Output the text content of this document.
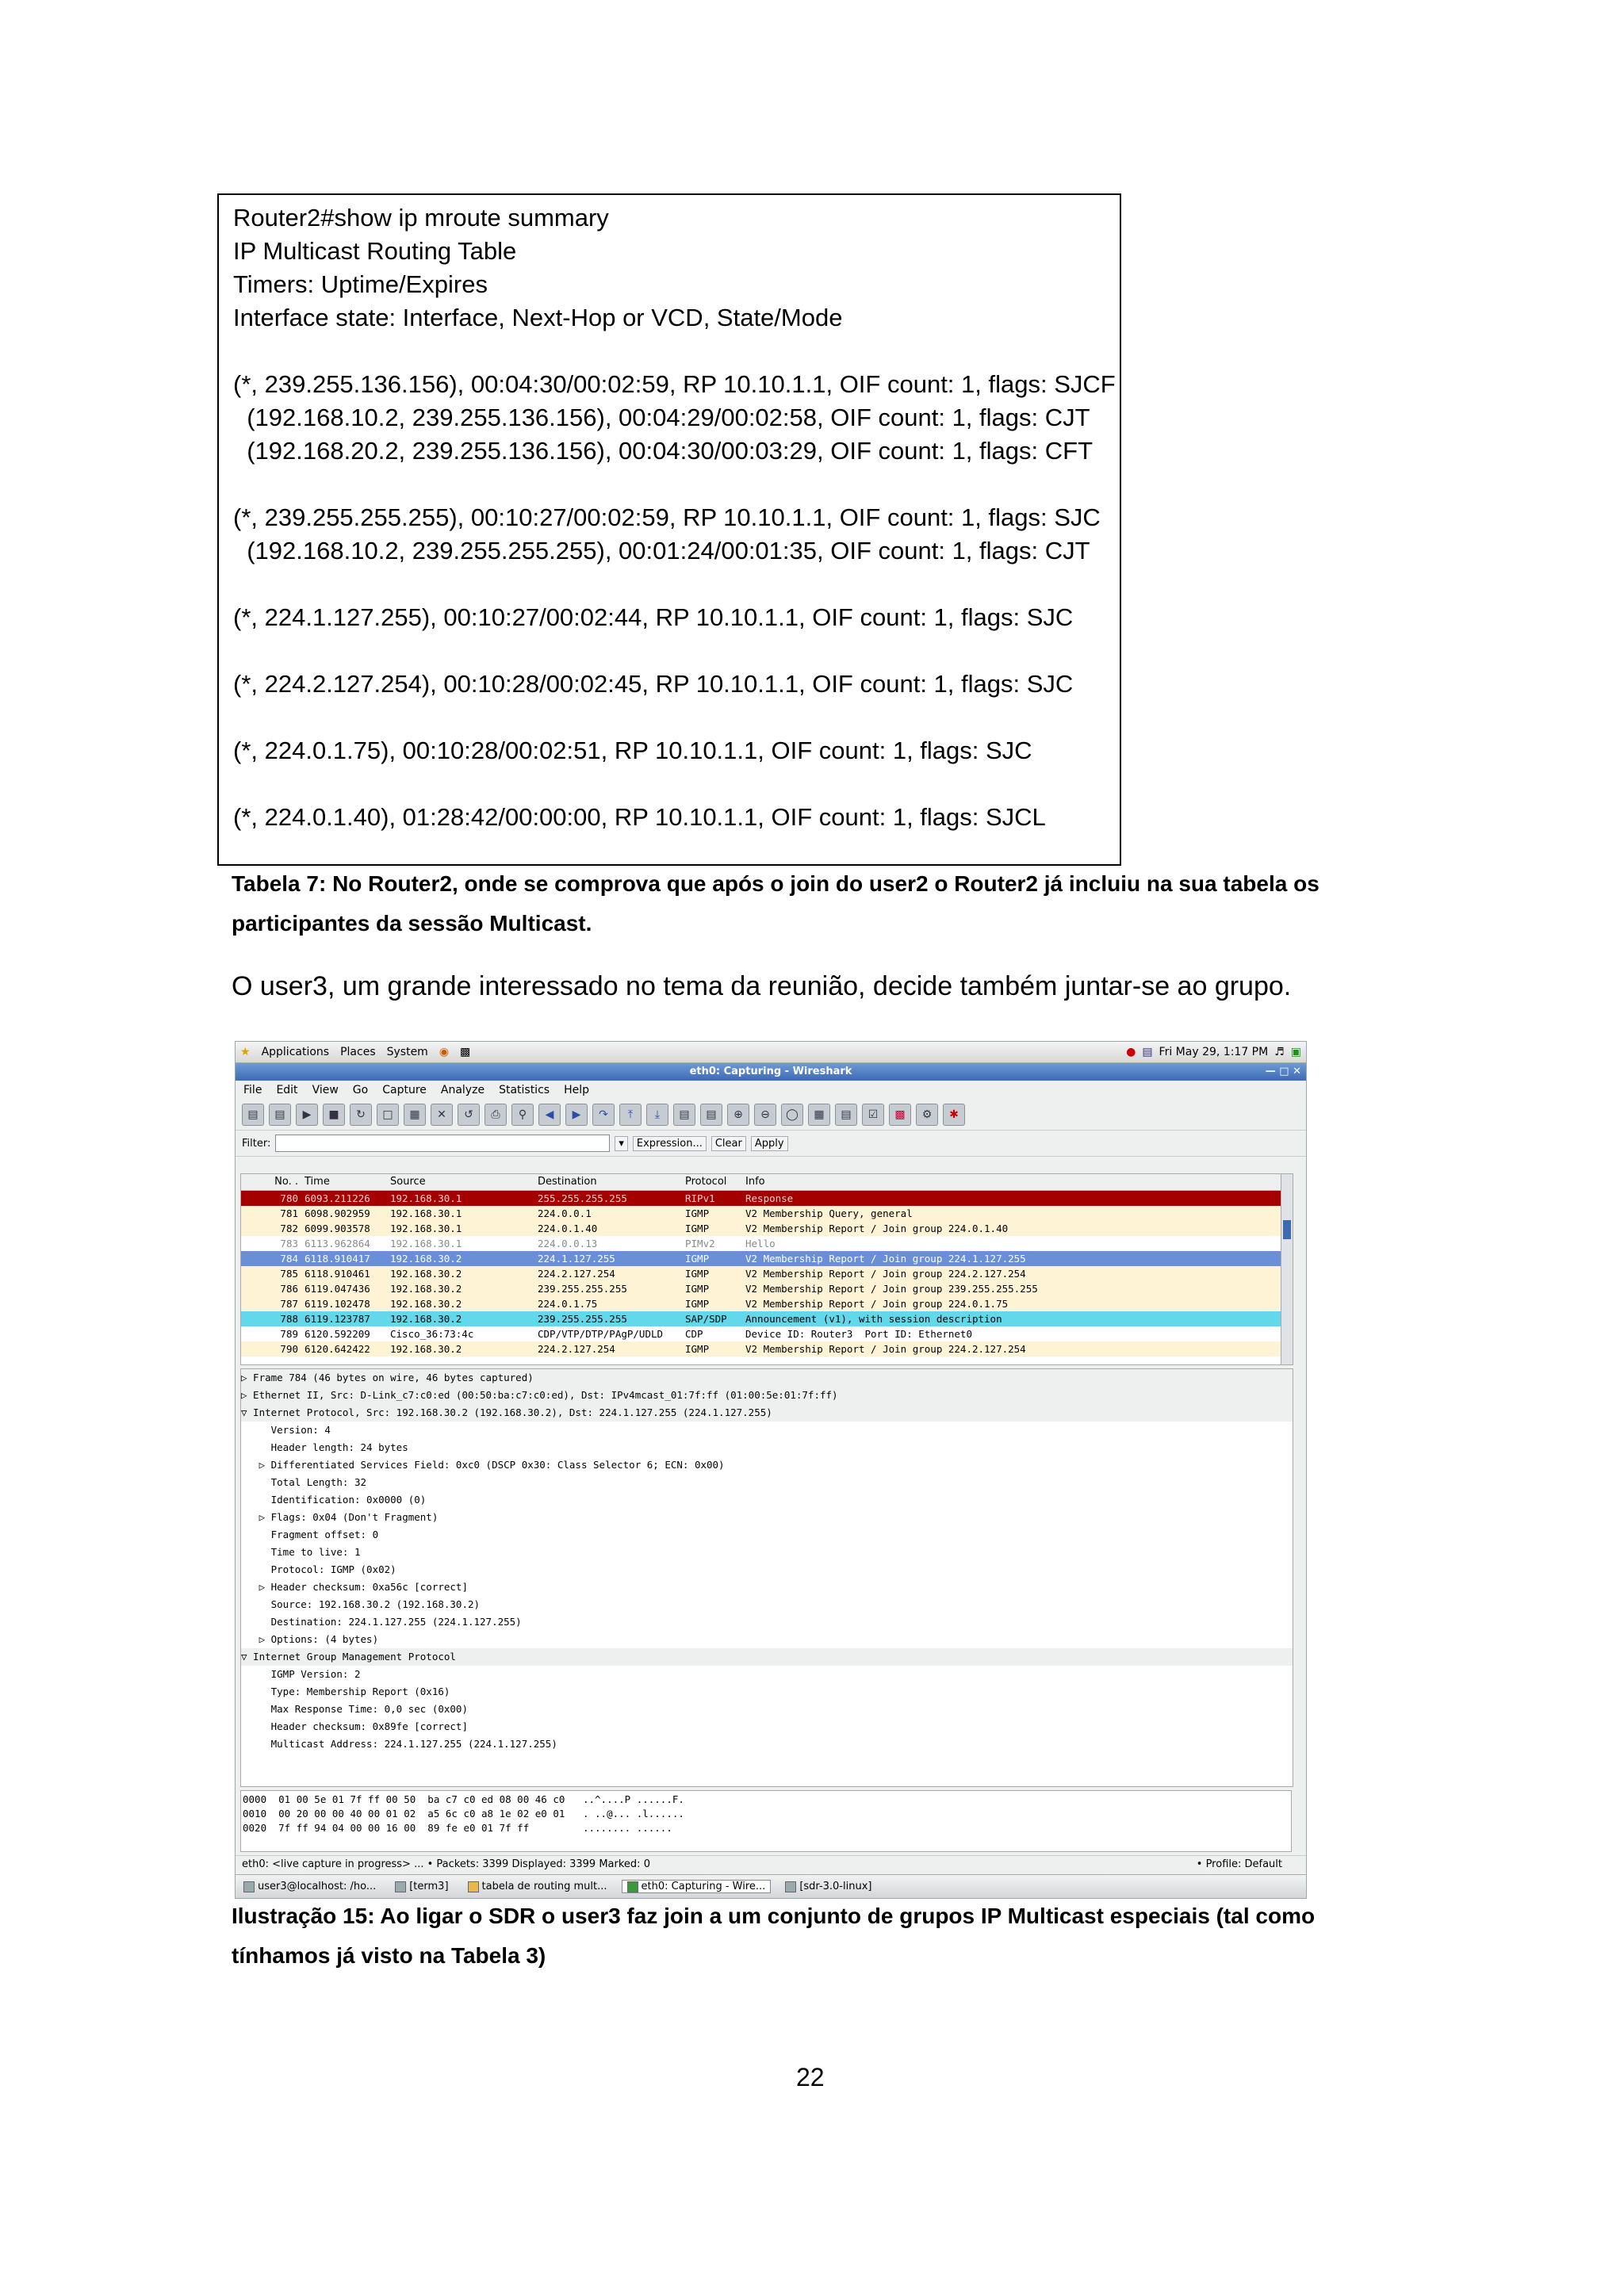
Router2#show ip mroute summary
IP Multicast Routing Table
Timers: Uptime/Expires
Interface state: Interface, Next-Hop or VCD, State/Mode
(*, 239.255.136.156), 00:04:30/00:02:59, RP 10.10.1.1, OIF count: 1, flags: SJCF
(192.168.10.2, 239.255.136.156), 00:04:29/00:02:58, OIF count: 1, flags: CJT
(192.168.20.2, 239.255.136.156), 00:04:30/00:03:29, OIF count: 1, flags: CFT
(*, 239.255.255.255), 00:10:27/00:02:59, RP 10.10.1.1, OIF count: 1, flags: SJC
(192.168.10.2, 239.255.255.255), 00:01:24/00:01:35, OIF count: 1, flags: CJT
(*, 224.1.127.255), 00:10:27/00:02:44, RP 10.10.1.1, OIF count: 1, flags: SJC
(*, 224.2.127.254), 00:10:28/00:02:45, RP 10.10.1.1, OIF count: 1, flags: SJC
(*, 224.0.1.75), 00:10:28/00:02:51, RP 10.10.1.1, OIF count: 1, flags: SJC
(*, 224.0.1.40), 01:28:42/00:00:00, RP 10.10.1.1, OIF count: 1, flags: SJCL
Tabela 7: No Router2, onde se comprova que após o join do user2 o Router2 já incluiu na sua tabela os
participantes da sessão Multicast.
O user3, um grande interessado no tema da reunião, decide também juntar-se ao grupo.
★ Applications Places System ◉ ▩	● ▤ Fri May 29, 1:17 PM ♬ ▣
eth0: Capturing - Wireshark	— □ ✕
File Edit View Go Capture Analyze Statistics Help
▤	▤	▶	■	↻	□	▦	✕	↺	⎙	⚲	◀	▶	↷	⤒	⤓	▤	▤	⊕	⊖	◯	▦	▤	☑	▩	⚙	✱
Filter:	▾	Expression...	Clear	Apply
No. . Time	Source	Destination	Protocol	Info
780 6093.211226	192.168.30.1	255.255.255.255	RIPv1	Response
781 6098.902959	192.168.30.1	224.0.0.1	IGMP	V2 Membership Query, general
782 6099.903578	192.168.30.1	224.0.1.40	IGMP	V2 Membership Report / Join group 224.0.1.40
783 6113.962864	192.168.30.1	224.0.0.13	PIMv2	Hello
784 6118.910417	192.168.30.2	224.1.127.255	IGMP	V2 Membership Report / Join group 224.1.127.255
785 6118.910461	192.168.30.2	224.2.127.254	IGMP	V2 Membership Report / Join group 224.2.127.254
786 6119.047436	192.168.30.2	239.255.255.255	IGMP	V2 Membership Report / Join group 239.255.255.255
787 6119.102478	192.168.30.2	224.0.1.75	IGMP	V2 Membership Report / Join group 224.0.1.75
788 6119.123787	192.168.30.2	239.255.255.255	SAP/SDP	Announcement (v1), with session description
789 6120.592209	Cisco_36:73:4c	CDP/VTP/DTP/PAgP/UDLD	CDP	Device ID: Router3  Port ID: Ethernet0
790 6120.642422	192.168.30.2	224.2.127.254	IGMP	V2 Membership Report / Join group 224.2.127.254
▷ Frame 784 (46 bytes on wire, 46 bytes captured)
▷ Ethernet II, Src: D-Link_c7:c0:ed (00:50:ba:c7:c0:ed), Dst: IPv4mcast_01:7f:ff (01:00:5e:01:7f:ff)
▽ Internet Protocol, Src: 192.168.30.2 (192.168.30.2), Dst: 224.1.127.255 (224.1.127.255)
Version: 4
Header length: 24 bytes
▷ Differentiated Services Field: 0xc0 (DSCP 0x30: Class Selector 6; ECN: 0x00)
Total Length: 32
Identification: 0x0000 (0)
▷ Flags: 0x04 (Don't Fragment)
Fragment offset: 0
Time to live: 1
Protocol: IGMP (0x02)
▷ Header checksum: 0xa56c [correct]
Source: 192.168.30.2 (192.168.30.2)
Destination: 224.1.127.255 (224.1.127.255)
▷ Options: (4 bytes)
▽ Internet Group Management Protocol
IGMP Version: 2
Type: Membership Report (0x16)
Max Response Time: 0,0 sec (0x00)
Header checksum: 0x89fe [correct]
Multicast Address: 224.1.127.255 (224.1.127.255)
0000  01 00 5e 01 7f ff 00 50  ba c7 c0 ed 08 00 46 c0   ..^....P ......F.
0010  00 20 00 00 40 00 01 02  a5 6c c0 a8 1e 02 e0 01   . ..@... .l......
0020  7f ff 94 04 00 00 16 00  89 fe e0 01 7f ff         ........ ......
eth0: <live capture in progress> ... • Packets: 3399 Displayed: 3399 Marked: 0	• Profile: Default
user3@localhost: /ho...	[term3]	tabela de routing mult...	eth0: Capturing - Wire...	[sdr-3.0-linux]
Ilustração 15: Ao ligar o SDR o user3 faz join a um conjunto de grupos IP Multicast especiais (tal como
tínhamos já visto na Tabela 3)
22
